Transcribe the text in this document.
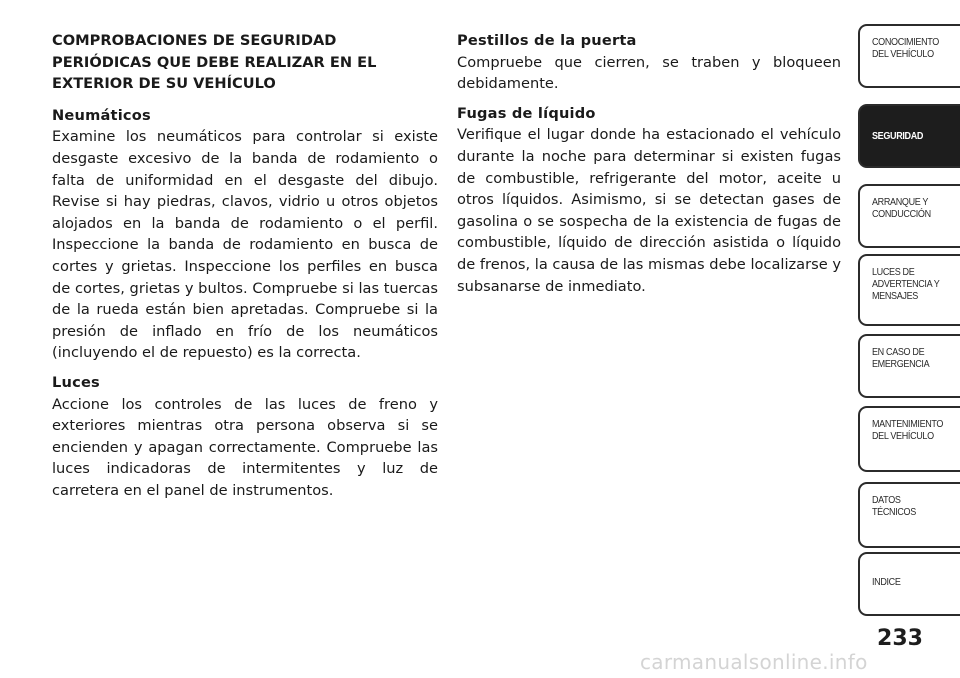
COMPROBACIONES DE SEGURIDAD PERIÓDICAS QUE DEBE REALIZAR EN EL EXTERIOR DE SU VEHÍCULO
Neumáticos
Examine los neumáticos para controlar si existe desgaste excesivo de la banda de rodamiento o falta de uniformidad en el desgaste del dibujo. Revise si hay piedras, clavos, vidrio u otros objetos alojados en la banda de rodamiento o el perfil. Inspeccione la banda de rodamiento en busca de cortes y grietas. Inspeccione los perfiles en busca de cortes, grietas y bultos. Compruebe si las tuercas de la rueda están bien apretadas. Compruebe si la presión de inflado en frío de los neumáticos (incluyendo el de repuesto) es la correcta.
Luces
Accione los controles de las luces de freno y exteriores mientras otra persona observa si se encienden y apagan correctamente. Compruebe las luces indicadoras de intermitentes y luz de carretera en el panel de instrumentos.
Pestillos de la puerta
Compruebe que cierren, se traben y bloqueen debidamente.
Fugas de líquido
Verifique el lugar donde ha estacionado el vehículo durante la noche para determinar si existen fugas de combustible, refrigerante del motor, aceite u otros líquidos. Asimismo, si se detectan gases de gasolina o se sospecha de la existencia de fugas de combustible, líquido de dirección asistida o líquido de frenos, la causa de las mismas debe localizarse y subsanarse de inmediato.
CONOCIMIENTO
DEL VEHÍCULO
SEGURIDAD
ARRANQUE Y
CONDUCCIÓN
LUCES DE
ADVERTENCIA Y
MENSAJES
EN CASO DE
EMERGENCIA
MANTENIMIENTO
DEL VEHÍCULO
DATOS
TÉCNICOS
INDICE
233
carmanualsonline.info
